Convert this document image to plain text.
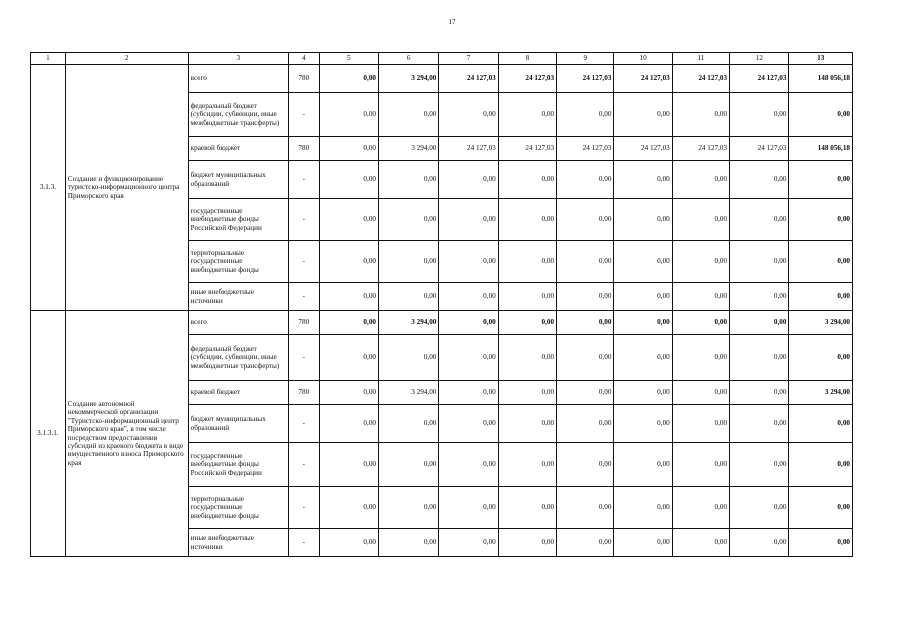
17
1	2	3	4	5	6	7	8	9	10	11	12	13
3.1.3.	Создание и функционирование туристско-информационного центра Приморского края	всего	780	0,00	3 294,00	24 127,03	24 127,03	24 127,03	24 127,03	24 127,03	24 127,03	148 056,18
		федеральный бюджет (субсидии, субвенции, иные межбюджетные трансферты)	-	0,00	0,00	0,00	0,00	0,00	0,00	0,00	0,00	0,00
		краевой бюджет	780	0,00	3 294,00	24 127,03	24 127,03	24 127,03	24 127,03	24 127,03	24 127,03	148 056,18
		бюджет муниципальных образований	-	0,00	0,00	0,00	0,00	0,00	0,00	0,00	0,00	0,00
		государственные внебюджетные фонды Российской Федерации	-	0,00	0,00	0,00	0,00	0,00	0,00	0,00	0,00	0,00
		территориальные государственные внебюджетные фонды	-	0,00	0,00	0,00	0,00	0,00	0,00	0,00	0,00	0,00
		иные внебюджетные источники	-	0,00	0,00	0,00	0,00	0,00	0,00	0,00	0,00	0,00
3.1.3.1.	Создание автономной некоммерческой организации "Туристско-информационный центр Приморского края", в том числе посредством предоставления субсидий из краевого бюджета в виде имущественного взноса Приморского края	всего	780	0,00	3 294,00	0,00	0,00	0,00	0,00	0,00	0,00	3 294,00
		федеральный бюджет (субсидии, субвенции, иные межбюджетные трансферты)	-	0,00	0,00	0,00	0,00	0,00	0,00	0,00	0,00	0,00
		краевой бюджет	780	0,00	3 294,00	0,00	0,00	0,00	0,00	0,00	0,00	3 294,00
		бюджет муниципальных образований	-	0,00	0,00	0,00	0,00	0,00	0,00	0,00	0,00	0,00
		государственные внебюджетные фонды Российской Федерации	-	0,00	0,00	0,00	0,00	0,00	0,00	0,00	0,00	0,00
		территориальные государственные внебюджетные фонды	-	0,00	0,00	0,00	0,00	0,00	0,00	0,00	0,00	0,00
		иные внебюджетные источники	-	0,00	0,00	0,00	0,00	0,00	0,00	0,00	0,00	0,00
